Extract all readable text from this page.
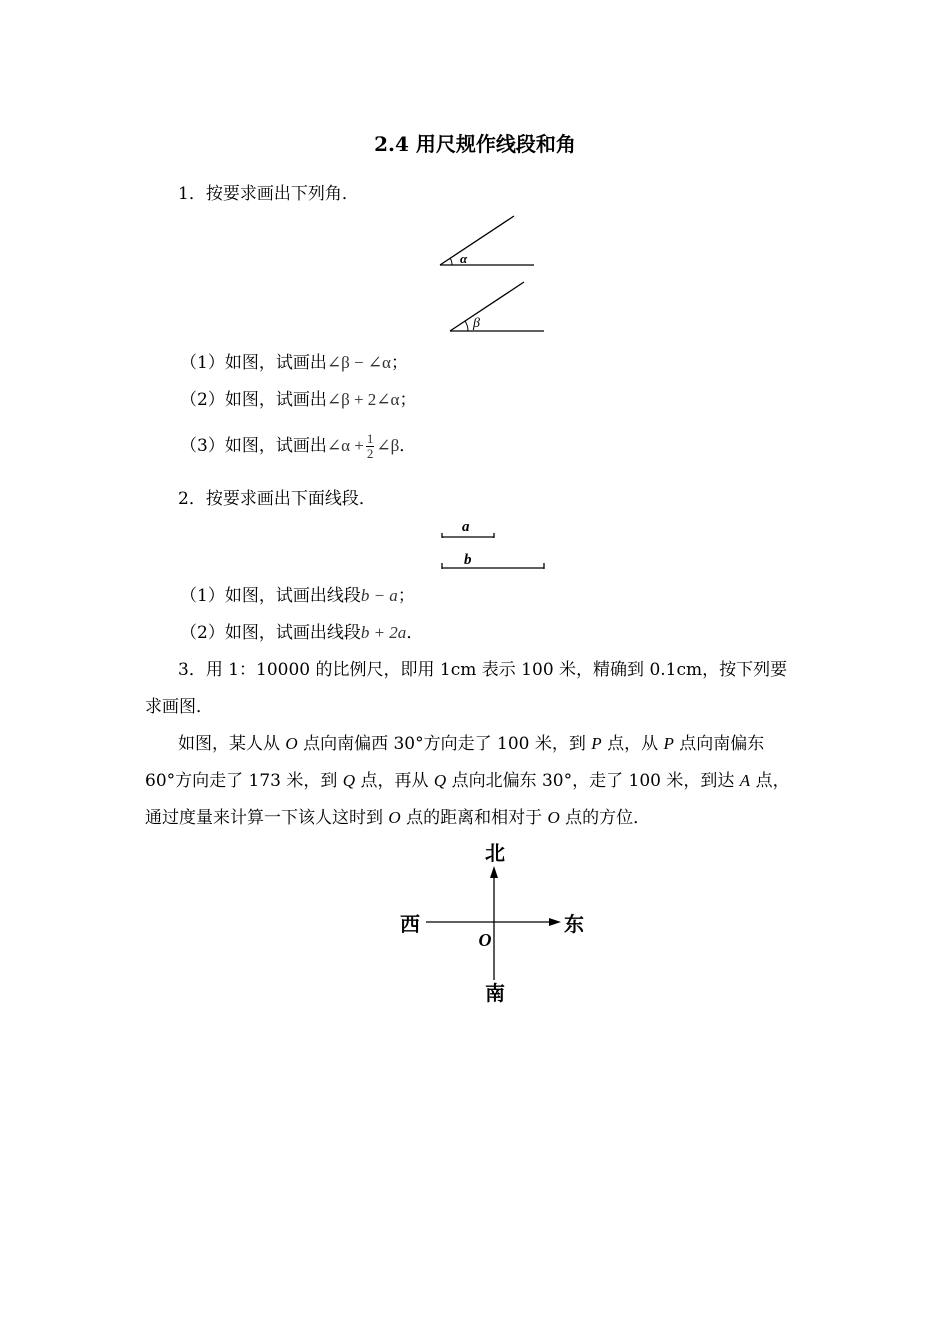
2.4 用尺规作线段和角
1．按要求画出下列角．
α
β
（1）如图，试画出∠β − ∠α；
（2）如图，试画出∠β + 2∠α；
（3）如图，试画出∠α + $\frac{1}{2}$ ∠β．
2．按要求画出下面线段．
a
b
（1）如图，试画出线段b − a；
（2）如图，试画出线段b + 2a．
3．用 1：10000 的比例尺，即用 1cm 表示 100 米，精确到 0.1cm，按下列要
求画图．
如图，某人从 O 点向南偏西 30°方向走了 100 米，到 P 点，从 P 点向南偏东
60°方向走了 173 米，到 Q 点，再从 Q 点向北偏东 30°，走了 100 米，到达 A 点，
通过度量来计算一下该人这时到 O 点的距离和相对于 O 点的方位．
北
西	东
O
南
